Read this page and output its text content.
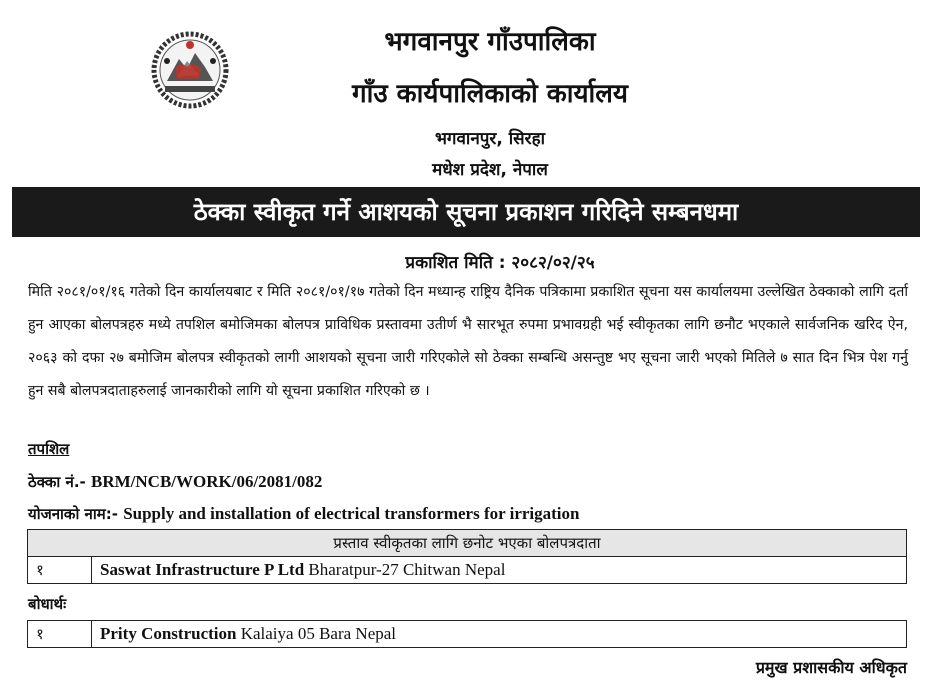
भगवानपुर गाँउपालिका
गाँउ कार्यपालिकाको कार्यालय
भगवानपुर, सिरहा
मधेश प्रदेश, नेपाल
ठेक्का स्वीकृत गर्ने आशयको सूचना प्रकाशन गरिदिने सम्बनधमा
प्रकाशित मिति : २०८२/०२/२५
मिति २०८१/०१/१६ गतेको दिन कार्यालयबाट र मिति २०८१/०१/१७ गतेको दिन मध्यान्ह राष्ट्रिय दैनिक पत्रिकामा प्रकाशित सूचना यस कार्यालयमा उल्लेखित ठेक्काको लागि दर्ता हुन आएका बोलपत्रहरु मध्ये तपशिल बमोजिमका बोलपत्र प्राविधिक प्रस्तावमा उतीर्ण भै सारभूत रुपमा प्रभावग्रही भई स्वीकृतका लागि छनौट भएकाले सार्वजनिक खरिद ऐन, २०६३ को दफा २७ बमोजिम बोलपत्र स्वीकृतको लागी आशयको सूचना जारी गरिएकोले सो ठेक्का सम्बन्धि असन्तुष्ट भए सूचना जारी भएको मितिले ७ सात दिन भित्र पेश गर्नु हुन सबै बोलपत्रदाताहरुलाई जानकारीको लागि यो सूचना प्रकाशित गरिएको छ ।
तपशिल
ठेक्का नं.- BRM/NCB/WORK/06/2081/082
योजनाको नाम:- Supply and installation of electrical transformers for irrigation
प्रस्ताव स्वीकृतका लागि छनोट भएका बोलपत्रदाता
१	Saswat Infrastructure P Ltd Bharatpur-27 Chitwan Nepal
बोधार्थः
१	Prity Construction Kalaiya 05 Bara Nepal
प्रमुख प्रशासकीय अधिकृत
